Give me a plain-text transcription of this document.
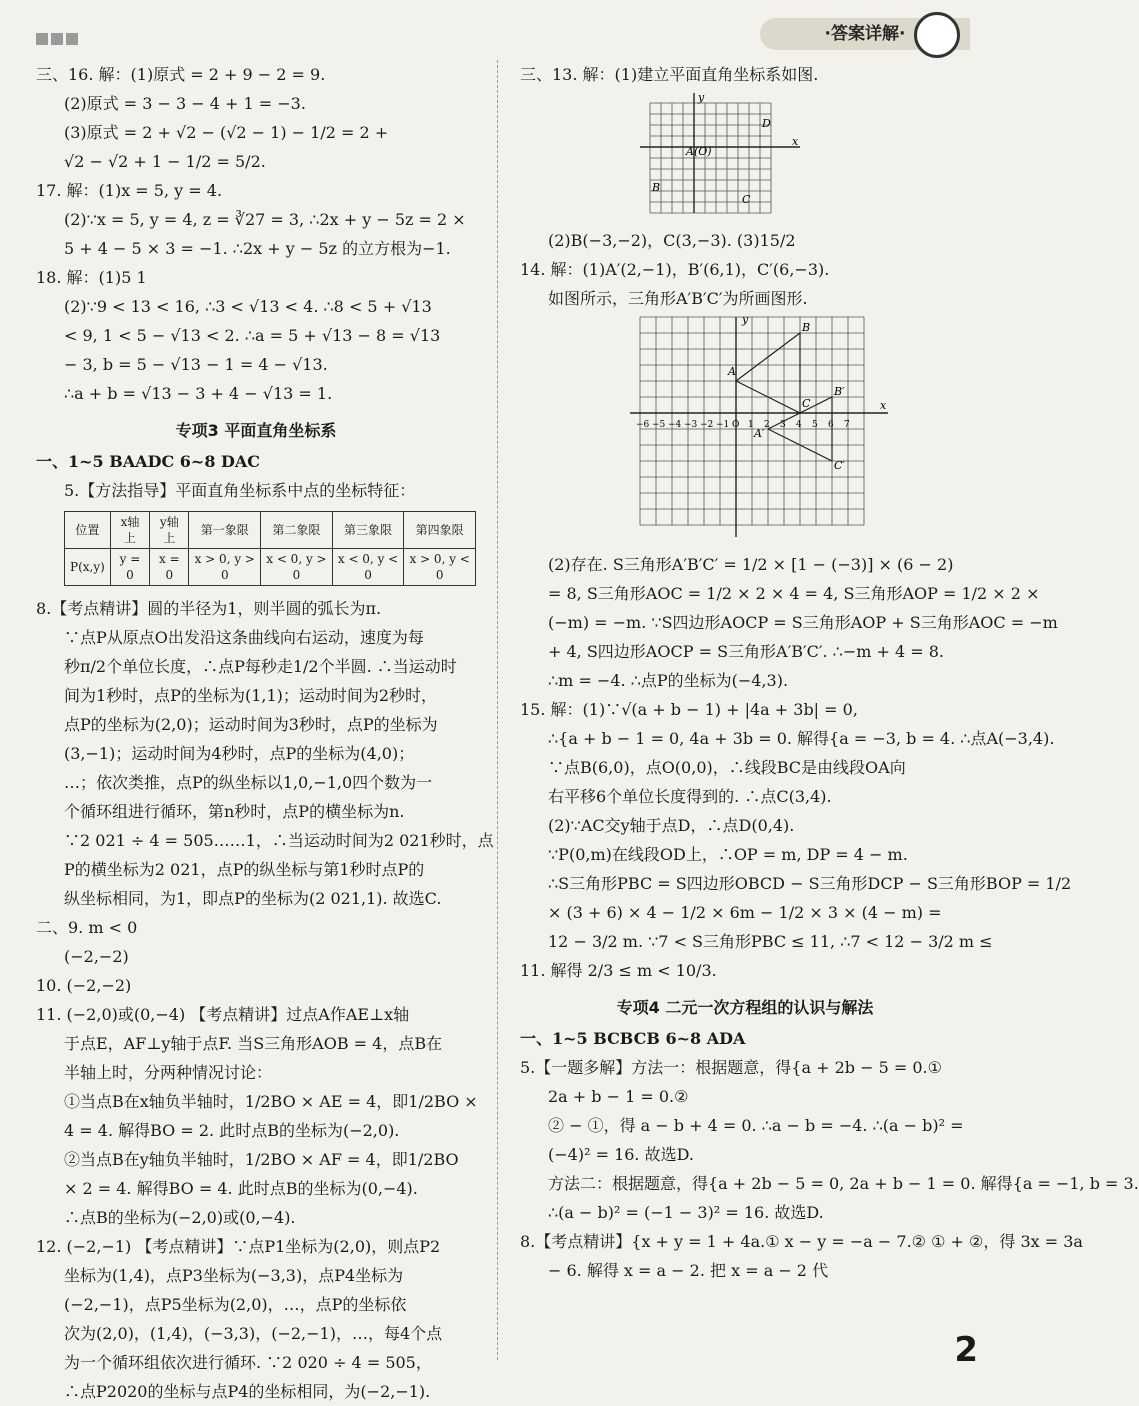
·答案详解·
三、16. 解：(1)原式 = 2 + 9 − 2 = 9.
(2)原式 = 3 − 3 − 4 + 1 = −3.
(3)原式 = 2 + √2 − (√2 − 1) − 1/2 = 2 +
√2 − √2 + 1 − 1/2 = 5/2.
17. 解：(1)x = 5, y = 4.
(2)∵x = 5, y = 4, z = ∛27 = 3, ∴2x + y − 5z = 2 ×
5 + 4 − 5 × 3 = −1. ∴2x + y − 5z 的立方根为−1.
18. 解：(1)5 1
(2)∵9 < 13 < 16, ∴3 < √13 < 4. ∴8 < 5 + √13
< 9, 1 < 5 − √13 < 2. ∴a = 5 + √13 − 8 = √13
− 3, b = 5 − √13 − 1 = 4 − √13.
∴a + b = √13 − 3 + 4 − √13 = 1.
专项3 平面直角坐标系
一、1~5 BAADC 6~8 DAC
5.【方法指导】平面直角坐标系中点的坐标特征：
位置	x轴上	y轴上	第一象限	第二象限	第三象限	第四象限
P(x,y)	y = 0	x = 0	x > 0, y > 0	x < 0, y > 0	x < 0, y < 0	x > 0, y < 0
8.【考点精讲】圆的半径为1，则半圆的弧长为π.
∵点P从原点O出发沿这条曲线向右运动，速度为每
秒π/2个单位长度，∴点P每秒走1/2个半圆. ∴当运动时
间为1秒时，点P的坐标为(1,1)；运动时间为2秒时，
点P的坐标为(2,0)；运动时间为3秒时，点P的坐标为
(3,−1)；运动时间为4秒时，点P的坐标为(4,0)；
…；依次类推，点P的纵坐标以1,0,−1,0四个数为一
个循环组进行循环，第n秒时，点P的横坐标为n.
∵2 021 ÷ 4 = 505……1，∴当运动时间为2 021秒时，点
P的横坐标为2 021，点P的纵坐标与第1秒时点P的
纵坐标相同，为1，即点P的坐标为(2 021,1). 故选C.
二、9. m < 0
(−2,−2)
10. (−2,−2)
11. (−2,0)或(0,−4) 【考点精讲】过点A作AE⊥x轴
于点E，AF⊥y轴于点F. 当S三角形AOB = 4，点B在
半轴上时，分两种情况讨论：
①当点B在x轴负半轴时，1/2BO × AE = 4，即1/2BO ×
4 = 4. 解得BO = 2. 此时点B的坐标为(−2,0).
②当点B在y轴负半轴时，1/2BO × AF = 4，即1/2BO
× 2 = 4. 解得BO = 4. 此时点B的坐标为(0,−4).
∴点B的坐标为(−2,0)或(0,−4).
12. (−2,−1) 【考点精讲】∵点P1坐标为(2,0)，则点P2
坐标为(1,4)，点P3坐标为(−3,3)，点P4坐标为
(−2,−1)，点P5坐标为(2,0)，…，点P的坐标依
次为(2,0)，(1,4)，(−3,3)，(−2,−1)，…，每4个点
为一个循环组依次进行循环. ∵2 020 ÷ 4 = 505，
∴点P2020的坐标与点P4的坐标相同，为(−2,−1).
三、13. 解：(1)建立平面直角坐标系如图.
y
x
D
A(O)
B
C
(2)B(−3,−2)，C(3,−3). (3)15/2
14. 解：(1)A′(2,−1)，B′(6,1)，C′(6,−3).
如图所示，三角形A′B′C′为所画图形.
−6 −5 −4 −3 −2 −1 O 1 2 3 4 5 6 7
y
x
A
B
C
B′
A′
C′
(2)存在. S三角形A′B′C′ = 1/2 × [1 − (−3)] × (6 − 2)
= 8, S三角形AOC = 1/2 × 2 × 4 = 4, S三角形AOP = 1/2 × 2 ×
(−m) = −m. ∵S四边形AOCP = S三角形AOP + S三角形AOC = −m
+ 4, S四边形AOCP = S三角形A′B′C′. ∴−m + 4 = 8.
∴m = −4. ∴点P的坐标为(−4,3).
15. 解：(1)∵√(a + b − 1) + |4a + 3b| = 0,
∴{a + b − 1 = 0, 4a + 3b = 0. 解得{a = −3, b = 4. ∴点A(−3,4).
∵点B(6,0)，点O(0,0)，∴线段BC是由线段OA向
右平移6个单位长度得到的. ∴点C(3,4).
(2)∵AC交y轴于点D，∴点D(0,4).
∵P(0,m)在线段OD上，∴OP = m, DP = 4 − m.
∴S三角形PBC = S四边形OBCD − S三角形DCP − S三角形BOP = 1/2
× (3 + 6) × 4 − 1/2 × 6m − 1/2 × 3 × (4 − m) =
12 − 3/2 m. ∵7 < S三角形PBC ≤ 11, ∴7 < 12 − 3/2 m ≤
11. 解得 2/3 ≤ m < 10/3.
专项4 二元一次方程组的认识与解法
一、1~5 BCBCB 6~8 ADA
5.【一题多解】方法一：根据题意，得{a + 2b − 5 = 0.①
2a + b − 1 = 0.②
② − ①，得 a − b + 4 = 0. ∴a − b = −4. ∴(a − b)² =
(−4)² = 16. 故选D.
方法二：根据题意，得{a + 2b − 5 = 0, 2a + b − 1 = 0. 解得{a = −1, b = 3.
∴(a − b)² = (−1 − 3)² = 16. 故选D.
8.【考点精讲】{x + y = 1 + 4a.① x − y = −a − 7.② ① + ②，得 3x = 3a
− 6. 解得 x = a − 2. 把 x = a − 2 代
2
